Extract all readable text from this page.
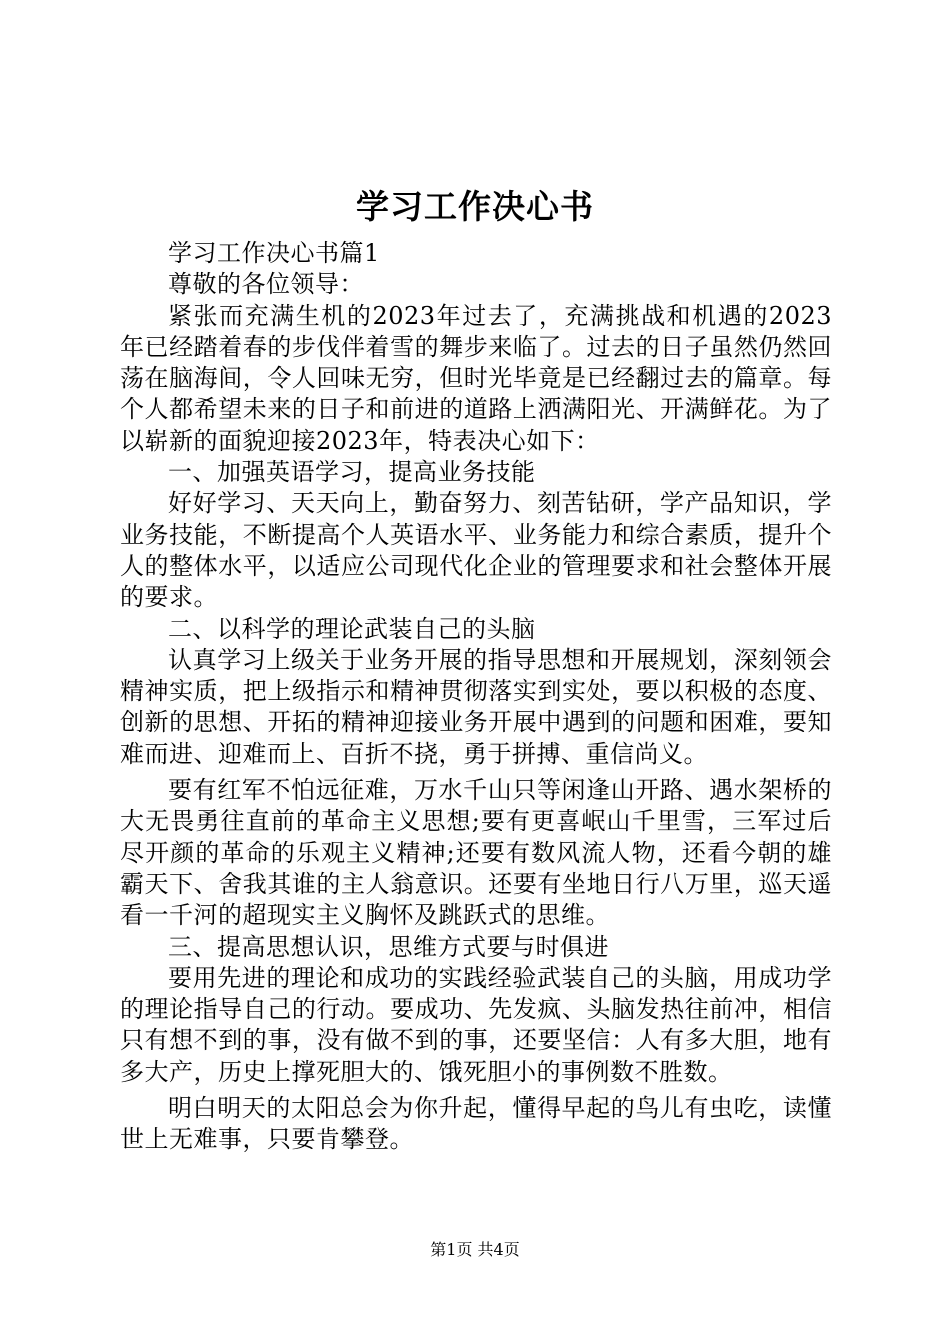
学习工作决心书

学习工作决心书篇1

尊敬的各位领导：

紧张而充满生机的2023年过去了，充满挑战和机遇的2023年已经踏着春的步伐伴着雪的舞步来临了。过去的日子虽然仍然回荡在脑海间，令人回味无穷，但时光毕竟是已经翻过去的篇章。每个人都希望未来的日子和前进的道路上洒满阳光、开满鲜花。为了以崭新的面貌迎接2023年，特表决心如下：

一、加强英语学习，提高业务技能

好好学习、天天向上，勤奋努力、刻苦钻研，学产品知识，学业务技能，不断提高个人英语水平、业务能力和综合素质，提升个人的整体水平，以适应公司现代化企业的管理要求和社会整体开展的要求。

二、以科学的理论武装自己的头脑

认真学习上级关于业务开展的指导思想和开展规划，深刻领会精神实质，把上级指示和精神贯彻落实到实处，要以积极的态度、创新的思想、开拓的精神迎接业务开展中遇到的问题和困难，要知难而进、迎难而上、百折不挠，勇于拼搏、重信尚义。

要有红军不怕远征难，万水千山只等闲逢山开路、遇水架桥的大无畏勇往直前的革命主义思想;要有更喜岷山千里雪，三军过后尽开颜的革命的乐观主义精神;还要有数风流人物，还看今朝的雄霸天下、舍我其谁的主人翁意识。还要有坐地日行八万里，巡天遥看一千河的超现实主义胸怀及跳跃式的思维。

三、提高思想认识，思维方式要与时俱进

要用先进的理论和成功的实践经验武装自己的头脑，用成功学的理论指导自己的行动。要成功、先发疯、头脑发热往前冲，相信只有想不到的事，没有做不到的事，还要坚信：人有多大胆，地有多大产，历史上撑死胆大的、饿死胆小的事例数不胜数。

明白明天的太阳总会为你升起，懂得早起的鸟儿有虫吃，读懂世上无难事，只要肯攀登。

第1页 共4页
